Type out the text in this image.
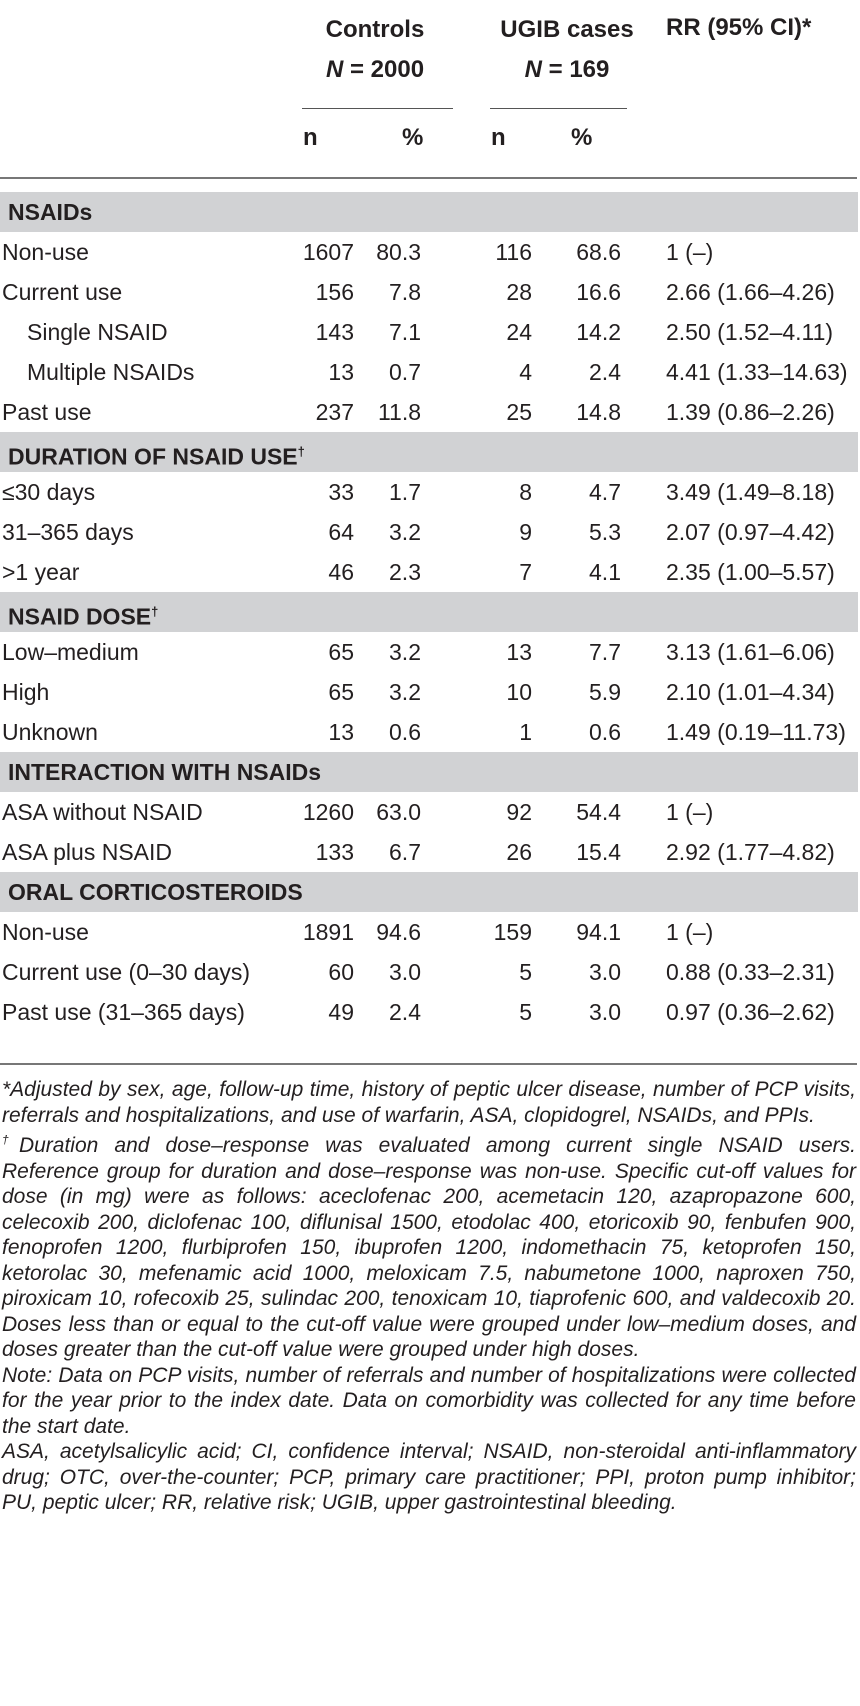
Controls
N = 2000
UGIB cases
N = 169
RR (95% CI)*
n	%	n	%
NSAIDs
Non-use	1607 80.3	116 68.6 1 (–)
Current use	156 7.8	28 16.6 2.66 (1.66–4.26)
Single NSAID	143 7.1	24 14.2 2.50 (1.52–4.11)
Multiple NSAIDs	13 0.7	4 2.4 4.41 (1.33–14.63)
Past use	237 11.8	25 14.8 1.39 (0.86–2.26)
DURATION OF NSAID USE†
≤30 days	33 1.7	8 4.7 3.49 (1.49–8.18)
31–365 days	64 3.2	9 5.3 2.07 (0.97–4.42)
>1 year	46 2.3	7 4.1 2.35 (1.00–5.57)
NSAID DOSE†
Low–medium	65 3.2	13 7.7 3.13 (1.61–6.06)
High	65 3.2	10 5.9 2.10 (1.01–4.34)
Unknown	13 0.6	1 0.6 1.49 (0.19–11.73)
INTERACTION WITH NSAIDs
ASA without NSAID	1260 63.0	92 54.4 1 (–)
ASA plus NSAID	133 6.7	26 15.4 2.92 (1.77–4.82)
ORAL CORTICOSTEROIDS
Non-use	1891 94.6	159 94.1 1 (–)
Current use (0–30 days)	60 3.0	5 3.0 0.88 (0.33–2.31)
Past use (31–365 days)	49 2.4	5 3.0 0.97 (0.36–2.62)

*Adjusted by sex, age, follow-up time, history of peptic ulcer disease, number of PCP visits, referrals and hospitalizations, and use of warfarin, ASA, clopidogrel, NSAIDs, and PPIs.

†Duration and dose–response was evaluated among current single NSAID users. Reference group for duration and dose–response was non-use. Specific cut-off values for dose (in mg) were as follows: aceclofenac 200, acemetacin 120, azapropazone 600, celecoxib 200, diclofenac 100, diflunisal 1500, etodolac 400, etoricoxib 90, fenbufen 900, fenoprofen 1200, flurbiprofen 150, ibuprofen 1200, indomethacin 75, ketoprofen 150, ketorolac 30, mefenamic acid 1000, meloxicam 7.5, nabumetone 1000, naproxen 750, piroxicam 10, rofecoxib 25, sulindac 200, tenoxicam 10, tiaprofenic 600, and valdecoxib 20. Doses less than or equal to the cut-off value were grouped under low–medium doses, and doses greater than the cut-off value were grouped under high doses.

Note: Data on PCP visits, number of referrals and number of hospitalizations were collected for the year prior to the index date. Data on comorbidity was collected for any time before the start date.

ASA, acetylsalicylic acid; CI, confidence interval; NSAID, non-steroidal anti-inflammatory drug; OTC, over-the-counter; PCP, primary care practitioner; PPI, proton pump inhibitor; PU, peptic ulcer; RR, relative risk; UGIB, upper gastrointestinal bleeding.
